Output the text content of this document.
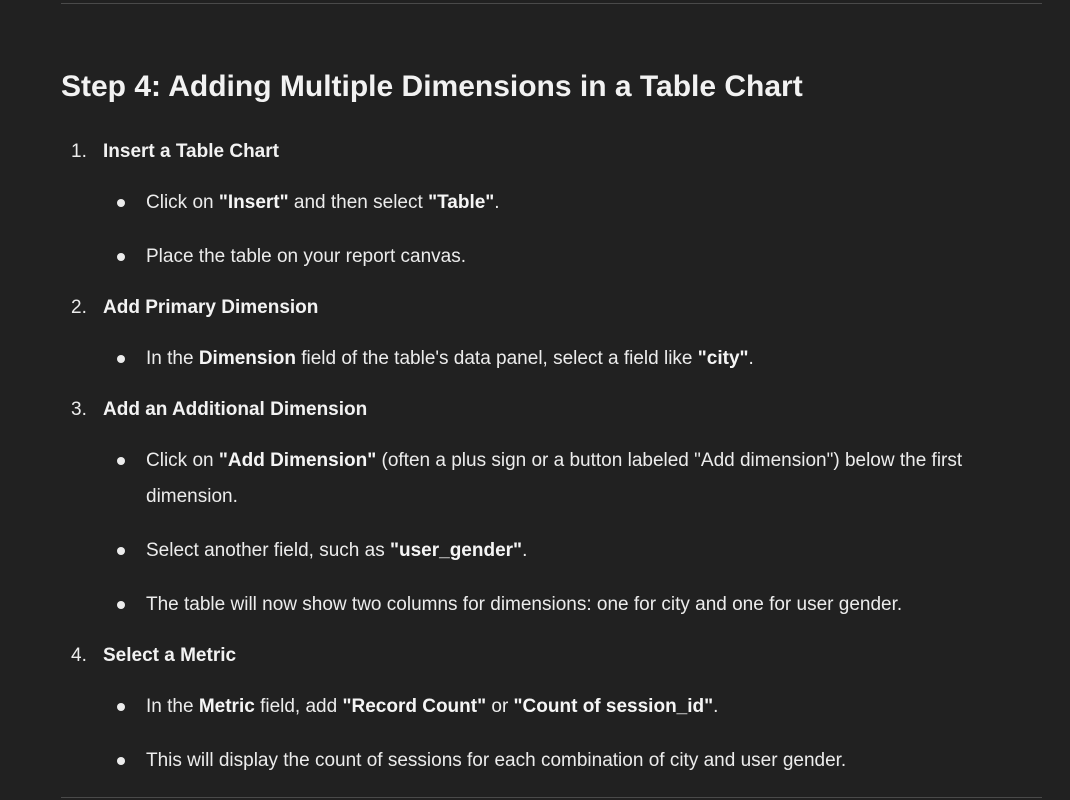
Step 4: Adding Multiple Dimensions in a Table Chart
1. Insert a Table Chart
Click on "Insert" and then select "Table".
Place the table on your report canvas.
2. Add Primary Dimension
In the Dimension field of the table's data panel, select a field like "city".
3. Add an Additional Dimension
Click on "Add Dimension" (often a plus sign or a button labeled "Add dimension") below the first dimension.
Select another field, such as "user_gender".
The table will now show two columns for dimensions: one for city and one for user gender.
4. Select a Metric
In the Metric field, add "Record Count" or "Count of session_id".
This will display the count of sessions for each combination of city and user gender.
